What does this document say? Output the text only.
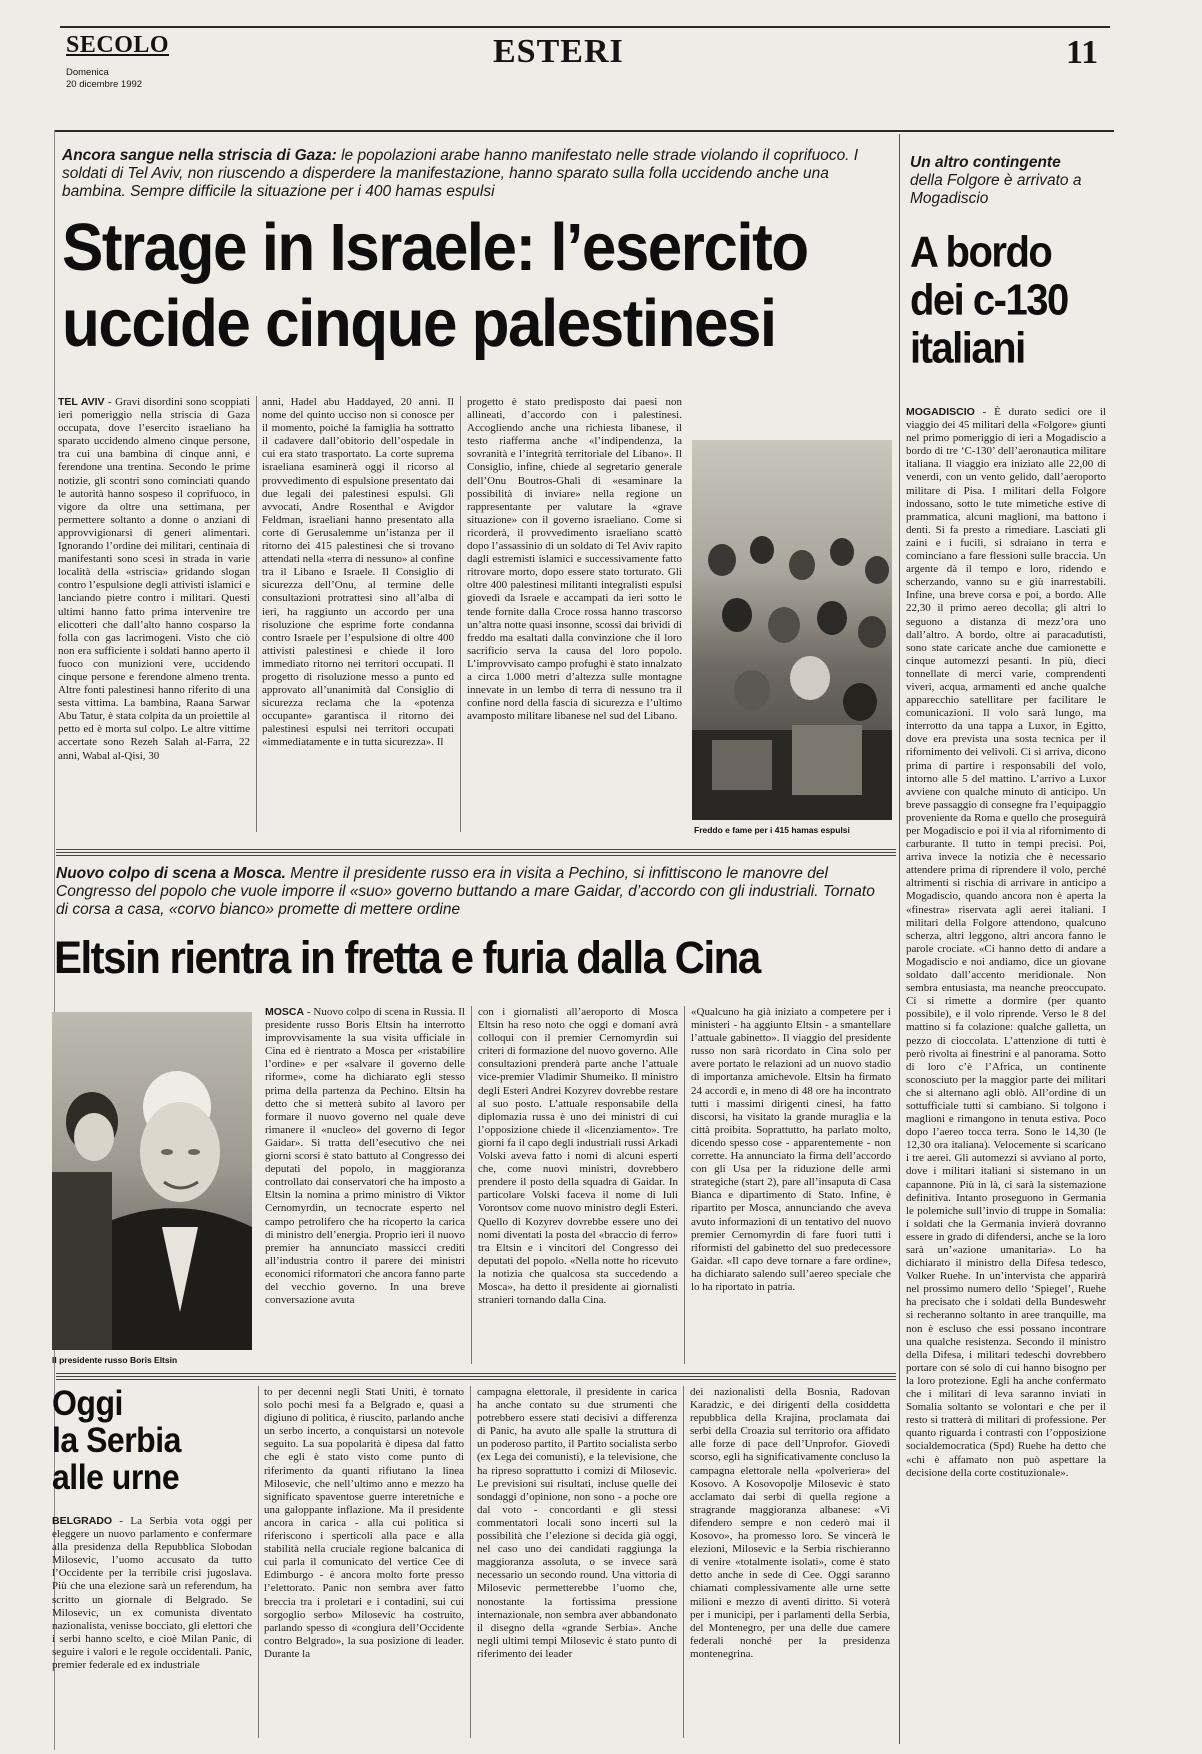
SECOLO
Domenica
20 dicembre 1992
ESTERI	11
Ancora sangue nella striscia di Gaza: le popolazioni arabe hanno manifestato nelle strade violando il coprifuoco. I soldati di Tel Aviv, non riuscendo a disperdere la manifestazione, hanno sparato sulla folla uccidendo anche una bambina. Sempre difficile la situazione per i 400 hamas espulsi
Strage in Israele: l’esercito
uccide cinque palestinesi
TEL AVIV - Gravi disordini sono scoppiati ieri pomeriggio nella striscia di Gaza occupata, dove l’esercito israeliano ha sparato uccidendo almeno cinque persone, tra cui una bambina di cinque anni, e ferendone una trentina. Secondo le prime notizie, gli scontri sono cominciati quando le autorità hanno sospeso il coprifuoco, in vigore da oltre una settimana, per permettere soltanto a donne o anziani di approvvigionarsi di generi alimentari. Ignorando l’ordine dei militari, centinaia di manifestanti sono scesi in strada in varie località della «striscia» gridando slogan contro l’espulsione degli attivisti islamici e lanciando pietre contro i militari. Questi ultimi hanno fatto prima intervenire tre elicotteri che dall’alto hanno cosparso la folla con gas lacrimogeni. Visto che ciò non era sufficiente i soldati hanno aperto il fuoco con munizioni vere, uccidendo cinque persone e ferendone almeno trenta. Altre fonti palestinesi hanno riferito di una sesta vittima. La bambina, Raana Sarwar Abu Tatur, è stata colpita da un proiettile al petto ed è morta sul colpo. Le altre vittime accertate sono Rezeh Salah al-Farra, 22 anni, Wabal al-Qisi, 30
anni, Hadel abu Haddayed, 20 anni. Il nome del quinto ucciso non si conosce per il momento, poiché la famiglia ha sottratto il cadavere dall’obitorio dell’ospedale in cui era stato trasportato. La corte suprema israeliana esaminerà oggi il ricorso al provvedimento di espulsione presentato dai due legali dei palestinesi espulsi. Gli avvocati, Andre Rosenthal e Avigdor Feldman, israeliani hanno presentato alla corte di Gerusalemme un’istanza per il ritorno dei 415 palestinesi che si trovano attendati nella «terra di nessuno» al confine tra il Libano e Israele. Il Consiglio di sicurezza dell’Onu, al termine delle consultazioni protrattesi sino all’alba di ieri, ha raggiunto un accordo per una risoluzione che esprime forte condanna contro Israele per l’espulsione di oltre 400 attivisti palestinesi e chiede il loro immediato ritorno nei territori occupati. Il progetto di risoluzione messo a punto ed approvato all’unanimità dal Consiglio di sicurezza reclama che la «potenza occupante» garantisca il ritorno dei palestinesi espulsi nei territori occupati «immediatamente e in tutta sicurezza». Il
progetto è stato predisposto dai paesi non allineati, d’accordo con i palestinesi. Accogliendo anche una richiesta libanese, il testo riafferma anche «l’indipendenza, la sovranità e l’integrità territoriale del Libano». Il Consiglio, infine, chiede al segretario generale dell’Onu Boutros-Ghali di «esaminare la possibilità di inviare» nella regione un rappresentante per valutare la «grave situazione» con il governo israeliano. Come si ricorderà, il provvedimento israeliano scattò dopo l’assassinio di un soldato di Tel Aviv rapito dagli estremisti islamici e successivamente fatto ritrovare morto, dopo essere stato torturato. Gli oltre 400 palestinesi militanti integralisti espulsi giovedì da Israele e accampati da ieri sotto le tende fornite dalla Croce rossa hanno trascorso un’altra notte quasi insonne, scossi dai brividi di freddo ma esaltati dalla convinzione che il loro sacrificio serva la causa del loro popolo. L’improvvisato campo profughi è stato innalzato a circa 1.000 metri d’altezza sulle montagne innevate in un lembo di terra di nessuno tra il confine nord della fascia di sicurezza e l’ultimo avamposto militare libanese nel sud del Libano.
Freddo e fame per i 415 hamas espulsi
Nuovo colpo di scena a Mosca. Mentre il presidente russo era in visita a Pechino, si infittiscono le manovre del Congresso del popolo che vuole imporre il «suo» governo buttando a mare Gaidar, d’accordo con gli industriali. Tornato di corsa a casa, «corvo bianco» promette di mettere ordine
Eltsin rientra in fretta e furia dalla Cina
Il presidente russo Boris Eltsin
MOSCA - Nuovo colpo di scena in Russia. Il presidente russo Boris Eltsin ha interrotto improvvisamente la sua visita ufficiale in Cina ed è rientrato a Mosca per «ristabilire l’ordine» e per «salvare il governo delle riforme», come ha dichiarato egli stesso prima della partenza da Pechino. Eltsin ha detto che si metterà subito al lavoro per formare il nuovo governo nel quale deve rimanere il «nucleo» del governo di Iegor Gaidar». Si tratta dell’esecutivo che nei giorni scorsi è stato battuto al Congresso dei deputati del popolo, in maggioranza controllato dai conservatori che ha imposto a Eltsin la nomina a primo ministro di Viktor Cernomyrdin, un tecnocrate esperto nel campo petrolifero che ha ricoperto la carica di ministro dell’energia. Proprio ieri il nuovo premier ha annunciato massicci crediti all’industria contro il parere dei ministri economici riformatori che ancora fanno parte del vecchio governo. In una breve conversazione avuta
con i giornalisti all’aeroporto di Mosca Eltsin ha reso noto che oggi e domani avrà colloqui con il premier Cernomyrdin sui criteri di formazione del nuovo governo. Alle consultazioni prenderà parte anche l’attuale vice-premier Vladimir Shumeiko. Il ministro degli Esteri Andrei Kozyrev dovrebbe restare al suo posto. L’attuale responsabile della diplomazia russa è uno dei ministri di cui l’opposizione chiede il «licenziamento». Tre giorni fa il capo degli industriali russi Arkadi Volski aveva fatto i nomi di alcuni esperti che, come nuovi ministri, dovrebbero prendere il posto della squadra di Gaidar. In particolare Volski faceva il nome di Iuli Vorontsov come nuovo ministro degli Esteri. Quello di Kozyrev dovrebbe essere uno dei nomi diventati la posta del «braccio di ferro» tra Eltsin e i vincitori del Congresso dei deputati del popolo. «Nella notte ho ricevuto la notizia che qualcosa sta succedendo a Mosca», ha detto il presidente ai giornalisti stranieri tornando dalla Cina.
«Qualcuno ha già iniziato a competere per i ministeri - ha aggiunto Eltsin - a smantellare l’attuale gabinetto». Il viaggio del presidente russo non sarà ricordato in Cina solo per avere portato le relazioni ad un nuovo stadio di importanza amichevole. Eltsin ha firmato 24 accordi e, in meno di 48 ore ha incontrato tutti i massimi dirigenti cinesi, ha fatto discorsi, ha visitato la grande muraglia e la città proibita. Soprattutto, ha parlato molto, dicendo spesso cose - apparentemente - non corrette. Ha annunciato la firma dell’accordo con gli Usa per la riduzione delle armi strategiche (start 2), pare all’insaputa di Casa Bianca e dipartimento di Stato. Infine, è ripartito per Mosca, annunciando che aveva avuto informazioni di un tentativo del nuovo premier Cernomyrdin di fare fuori tutti i riformisti del gabinetto del suo predecessore Gaidar. «Il capo deve tornare a fare ordine», ha dichiarato salendo sull’aereo speciale che lo ha riportato in patria.
Oggi
la Serbia
alle urne
BELGRADO - La Serbia vota oggi per eleggere un nuovo parlamento e confermare alla presidenza della Repubblica Slobodan Milosevic, l’uomo accusato da tutto l’Occidente per la terribile crisi jugoslava. Più che una elezione sarà un referendum, ha scritto un giornale di Belgrado. Se Milosevic, un ex comunista diventato nazionalista, venisse bocciato, gli elettori che i serbi hanno scelto, e cioè Milan Panic, di seguire i valori e le regole occidentali. Panic, premier federale ed ex industriale
to per decenni negli Stati Uniti, è tornato solo pochi mesi fa a Belgrado e, quasi a digiuno di politica, è riuscito, parlando anche un serbo incerto, a conquistarsi un notevole seguito. La sua popolarità è dipesa dal fatto che egli è stato visto come punto di riferimento da quanti rifiutano la linea Milosevic, che nell’ultimo anno e mezzo ha significato spaventose guerre interetniche e una galoppante inflazione. Ma il presidente ancora in carica - alla cui politica si riferiscono i sperticoli alla pace e alla stabilità nella cruciale regione balcanica di cui parla il comunicato del vertice Cee di Edimburgo - è ancora molto forte presso l’elettorato. Panic non sembra aver fatto breccia tra i proletari e i contadini, sui cui sorgoglio serbo» Milosevic ha costruito, parlando spesso di «congiura dell’Occidente contro Belgrado», la sua posizione di leader. Durante la
campagna elettorale, il presidente in carica ha anche contato su due strumenti che potrebbero essere stati decisivi a differenza di Panic, ha avuto alle spalle la struttura di un poderoso partito, il Partito socialista serbo (ex Lega dei comunisti), e la televisione, che ha ripreso soprattutto i comizi di Milosevic. Le previsioni sui risultati, incluse quelle dei sondaggi d’opinione, non sono - a poche ore dal voto - concordanti e gli stessi commentatori locali sono incerti sul la possibilità che l’elezione si decida già oggi, nel caso uno dei candidati raggiunga la maggioranza assoluta, o se invece sarà necessario un secondo round. Una vittoria di Milosevic permetterebbe l’uomo che, nonostante la fortissima pressione internazionale, non sembra aver abbandonato il disegno della «grande Serbia». Anche negli ultimi tempi Milosevic è stato punto di riferimento dei leader
dei nazionalisti della Bosnia, Radovan Karadzic, e dei dirigenti della cosiddetta repubblica della Krajina, proclamata dai serbi della Croazia sul territorio ora affidato alle forze di pace dell’Unprofor. Giovedì scorso, egli ha significativamente concluso la campagna elettorale nella «polveriera» del Kosovo. A Kosovopolje Milosevic è stato acclamato dai serbi di quella regione a stragrande maggioranza albanese: «Vi difendero sempre e non cederò mai il Kosovo», ha promesso loro. Se vincerà le elezioni, Milosevic e la Serbia rischieranno di venire «totalmente isolati», come è stato detto anche in sede di Cee. Oggi saranno chiamati complessivamente alle urne sette milioni e mezzo di aventi diritto. Si voterà per i municipi, per i parlamenti della Serbia, del Montenegro, per una delle due camere federali nonché per la presidenza montenegrina.
Un altro contingente
della Folgore è arrivato a Mogadiscio
A bordo
dei c-130
italiani
MOGADISCIO - È durato sedici ore il viaggio dei 45 militari della «Folgore» giunti nel primo pomeriggio di ieri a Mogadiscio a bordo di tre ‘C-130’ dell’aeronautica militare italiana. Il viaggio era iniziato alle 22,00 di venerdì, con un vento gelido, dall’aeroporto militare di Pisa. I militari della Folgore indossano, sotto le tute mimetiche estive di prammatica, alcuni maglioni, ma battono i denti. Si fa presto a rimediare. Lasciati gli zaini e i fucili, si sdraiano in terra e cominciano a fare flessioni sulle braccia. Un argente dà il tempo e loro, ridendo e scherzando, vanno su e giù inarrestabili. Infine, una breve corsa e poi, a bordo. Alle 22,30 il primo aereo decolla; gli altri lo seguono a distanza di mezz’ora uno dall’altro. A bordo, oltre ai paracadutisti, sono state caricate anche due camionette e cinque automezzi pesanti. In più, dieci tonnellate di merci varie, comprendenti viveri, acqua, armamenti ed anche qualche apparecchio satellitare per facilitare le comunicazioni. Il volo sarà lungo, ma interrotto da una tappa a Luxor, in Egitto, dove era prevista una sosta tecnica per il rifornimento dei velivoli. Ci si arriva, dicono prima di partire i responsabili del volo, intorno alle 5 del mattino. L’arrivo a Luxor avviene con qualche minuto di anticipo. Un breve passaggio di consegne fra l’equipaggio proveniente da Roma e quello che proseguirà per Mogadiscio e poi il via al rifornimento di carburante. Il tutto in tempi precisi. Poi, arriva invece la notizia che è necessario attendere prima di riprendere il volo, perché altrimenti si rischia di arrivare in anticipo a Mogadiscio, quando ancora non è aperta la «finestra» riservata agli aerei italiani. I militari della Folgore attendono, qualcuno scherza, altri leggono, altri ancora fanno le parole crociate. «Ci hanno detto di andare a Mogadiscio e noi andiamo, dice un giovane soldato dall’accento meridionale. Non sembra entusiasta, ma neanche preoccupato. Ci si rimette a dormire (per quanto possibile), e il volo riprende. Verso le 8 del mattino si fa colazione: qualche galletta, un pezzo di cioccolata. L’attenzione di tutti è però rivolta ai finestrini e al panorama. Sotto di loro c’è l’Africa, un continente sconosciuto per la maggior parte dei militari che si alternano agli oblò. All’ordine di un sottufficiale tutti si cambiano. Si tolgono i maglioni e rimangono in tenuta estiva. Poco dopo l’aereo tocca terra. Sono le 14,30 (le 12,30 ora italiana). Velocemente si scaricano i tre aerei. Gli automezzi si avviano al porto, dove i militari italiani si sistemano in un capannone. Più in là, ci sarà la sistemazione definitiva. Intanto proseguono in Germania le polemiche sull’invio di truppe in Somalia: i soldati che la Germania invierà dovranno essere in grado di difendersi, anche se la loro sarà un’«azione umanitaria». Lo ha dichiarato il ministro della Difesa tedesco, Volker Ruehe. In un’intervista che apparirà nel prossimo numero dello ‘Spiegel’, Ruehe ha precisato che i soldati della Bundeswehr si recheranno soltanto in aree tranquille, ma non è escluso che essi possano incontrare una qualche resistenza. Secondo il ministro della Difesa, i militari tedeschi dovrebbero portare con sé solo di cui hanno bisogno per la loro protezione. Egli ha anche confermato che i militari di leva saranno inviati in Somalia soltanto se volontari e che per il resto si tratterà di militari di professione. Per quanto riguarda i contrasti con l’opposizione socialdemocratica (Spd) Ruehe ha detto che «chi è affamato non può aspettare la decisione della corte costituzionale».
